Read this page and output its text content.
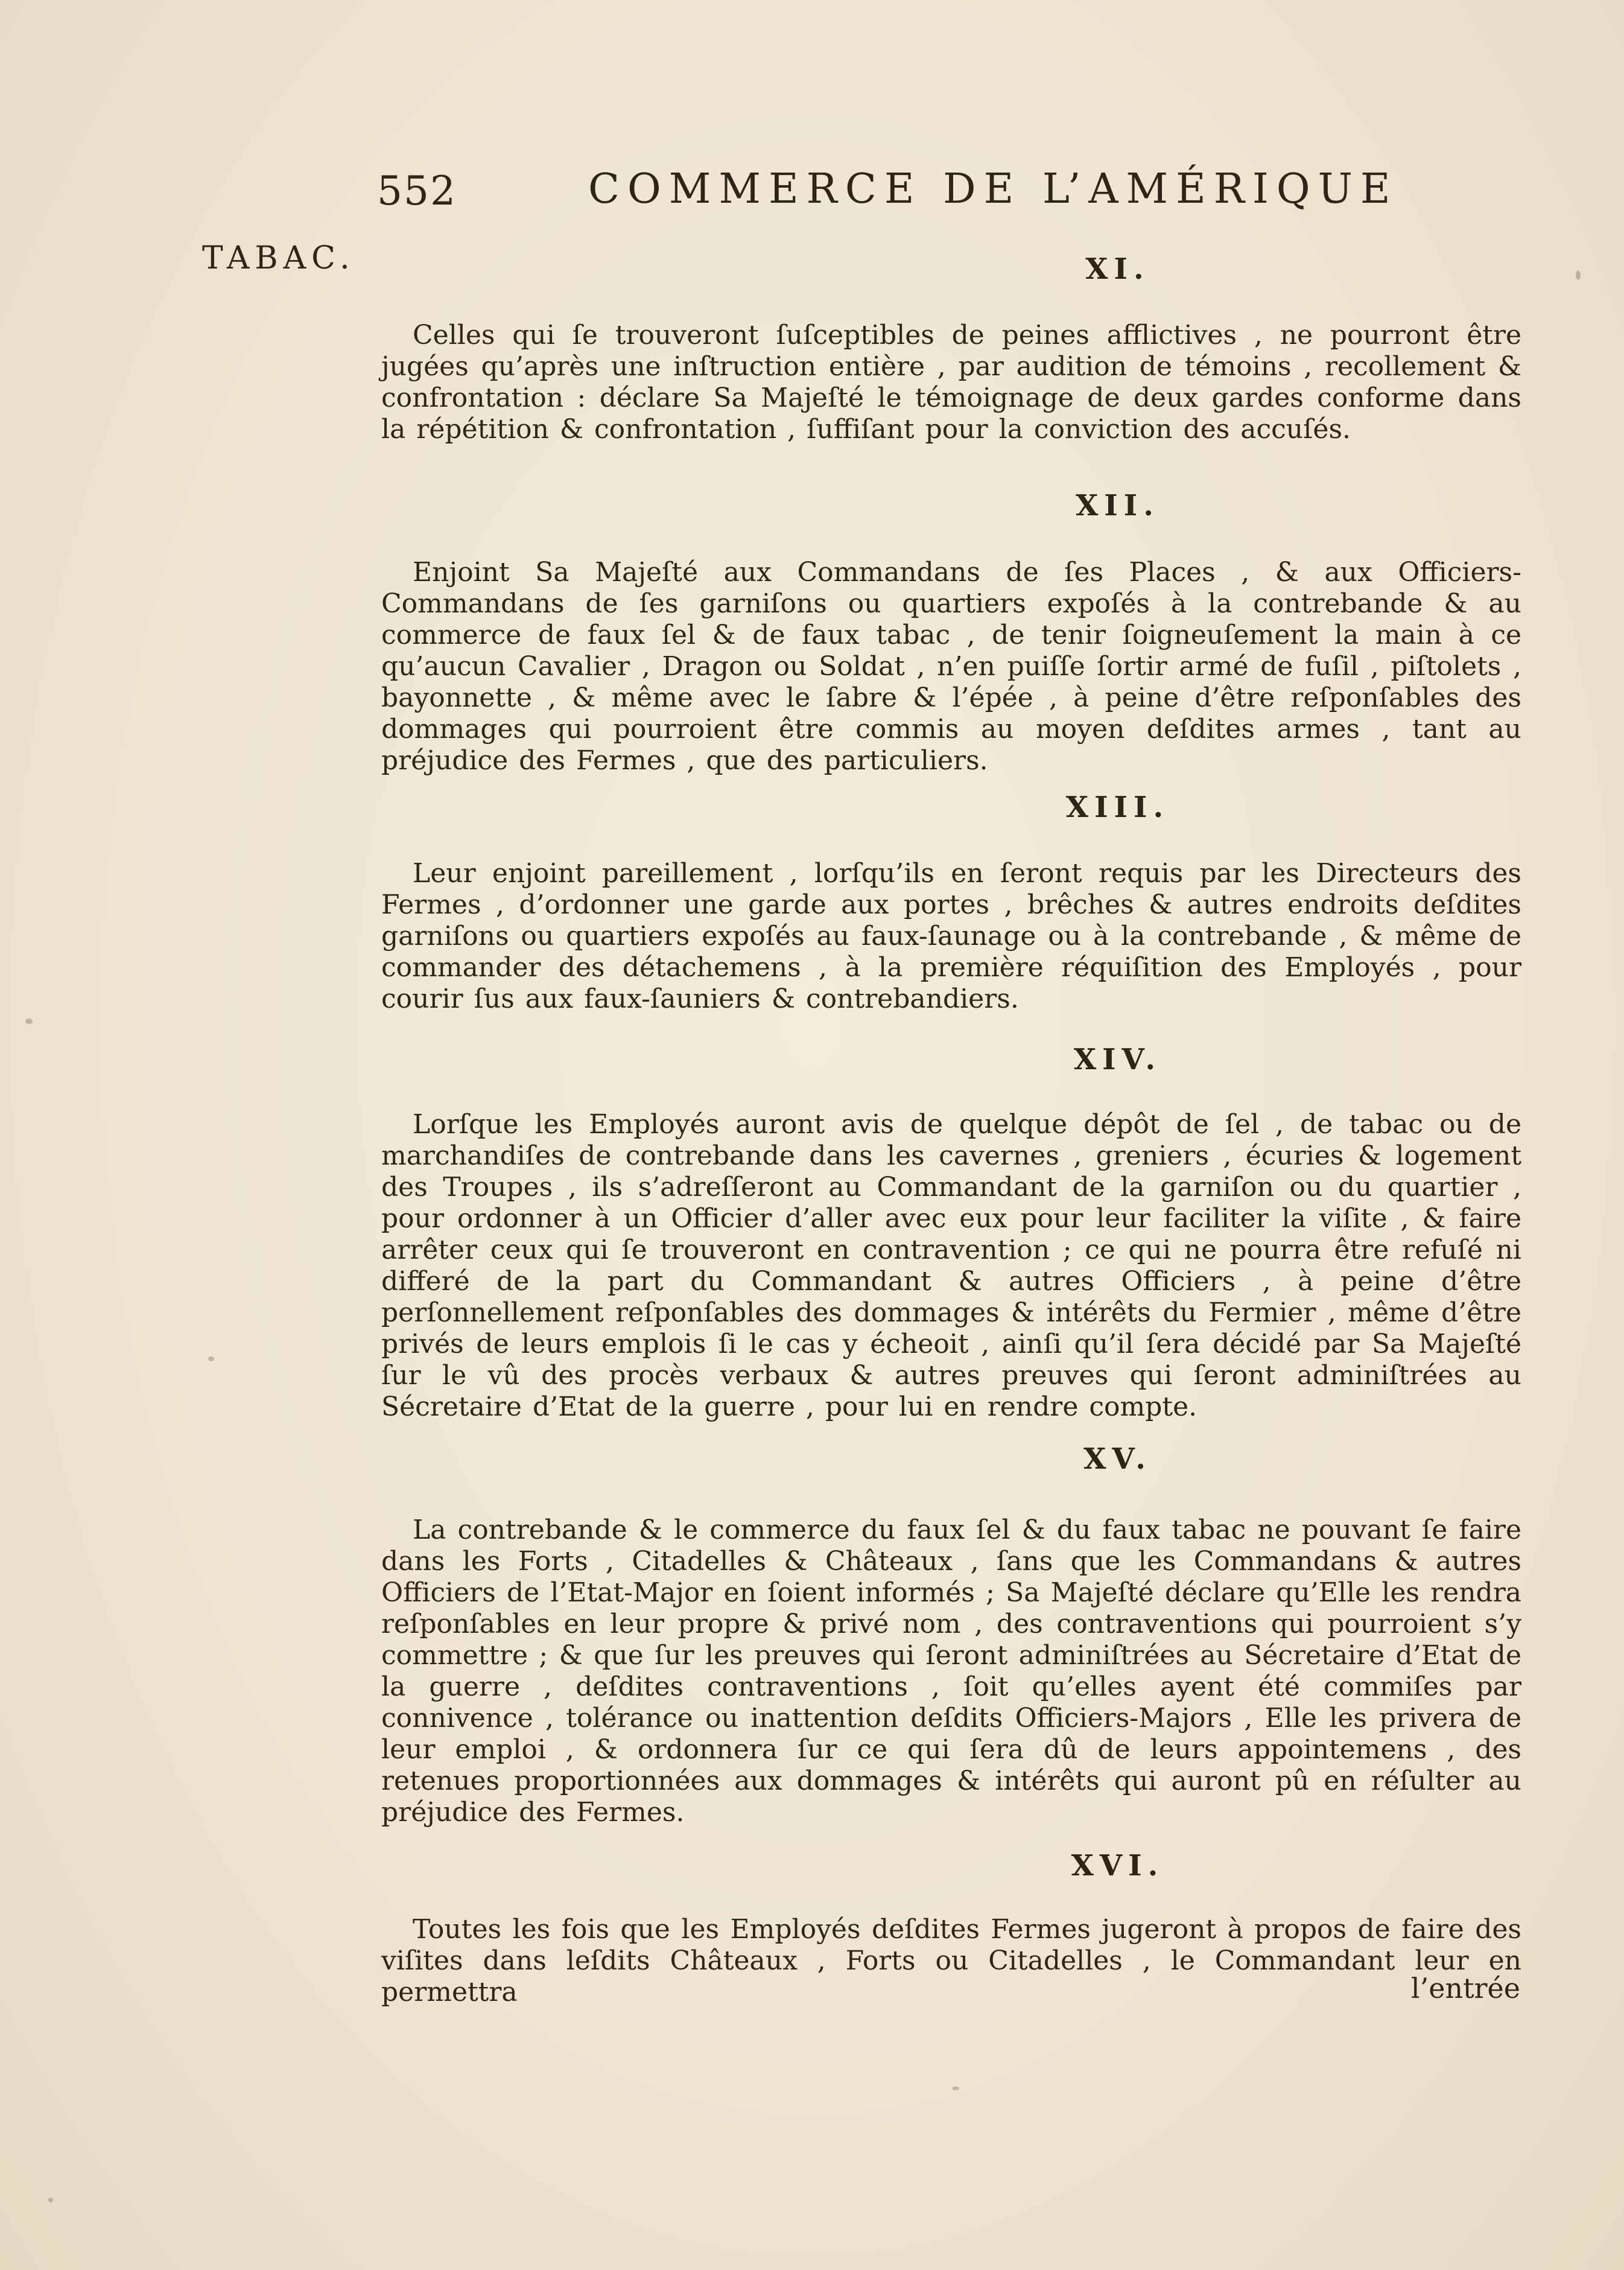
552	COMMERCE DE L’AMÉRIQUE
TABAC.	XI.
Celles qui ſe trouveront ſuſceptibles de peines afflictives , ne pourront être jugées qu’après une inſtruction entière , par audition de témoins , recollement & confrontation : déclare Sa Majeſté le témoignage de deux gardes conforme dans la répétition & confrontation , ſuffiſant pour la conviction des accuſés.
XII.
Enjoint Sa Majeſté aux Commandans de ſes Places , & aux Officiers-Commandans de ſes garniſons ou quartiers expoſés à la contrebande & au commerce de faux ſel & de faux tabac , de tenir ſoigneuſement la main à ce qu’aucun Cavalier , Dragon ou Soldat , n’en puiſſe ſortir armé de fuſil , piſtolets , bayonnette , & même avec le ſabre & l’épée , à peine d’être reſponſables des dommages qui pourroient être commis au moyen deſdites armes , tant au préjudice des Fermes , que des particuliers.
XIII.
Leur enjoint pareillement , lorſqu’ils en ſeront requis par les Directeurs des Fermes , d’ordonner une garde aux portes , brêches & autres endroits deſdites garniſons ou quartiers expoſés au faux-ſaunage ou à la contrebande , & même de commander des détachemens , à la première réquiſition des Employés , pour courir ſus aux faux-ſauniers & contrebandiers.
XIV.
Lorſque les Employés auront avis de quelque dépôt de ſel , de tabac ou de marchandiſes de contrebande dans les cavernes , greniers , écuries & logement des Troupes , ils s’adreſſeront au Commandant de la garniſon ou du quartier , pour ordonner à un Officier d’aller avec eux pour leur faciliter la viſite , & faire arrêter ceux qui ſe trouveront en contravention ; ce qui ne pourra être refuſé ni differé de la part du Commandant & autres Officiers , à peine d’être perſonnellement reſponſables des dommages & intérêts du Fermier , même d’être privés de leurs emplois ſi le cas y écheoit , ainſi qu’il ſera décidé par Sa Majeſté ſur le vû des procès verbaux & autres preuves qui ſeront adminiſtrées au Sécretaire d’Etat de la guerre , pour lui en rendre compte.
XV.
La contrebande & le commerce du faux ſel & du faux tabac ne pouvant ſe faire dans les Forts , Citadelles & Châteaux , ſans que les Commandans & autres Officiers de l’Etat-Major en ſoient informés ; Sa Majeſté déclare qu’Elle les rendra reſponſables en leur propre & privé nom , des contraventions qui pourroient s’y commettre ; & que ſur les preuves qui ſeront adminiſtrées au Sécretaire d’Etat de la guerre , deſdites contraventions , ſoit qu’elles ayent été commiſes par connivence , tolérance ou inattention deſdits Officiers-Majors , Elle les privera de leur emploi , & ordonnera ſur ce qui ſera dû de leurs appointemens , des retenues proportionnées aux dommages & intérêts qui auront pû en réſulter au préjudice des Fermes.
XVI.
Toutes les fois que les Employés deſdites Fermes jugeront à propos de faire des viſites dans leſdits Châteaux , Forts ou Citadelles , le Commandant leur en permettra	l’entrée
